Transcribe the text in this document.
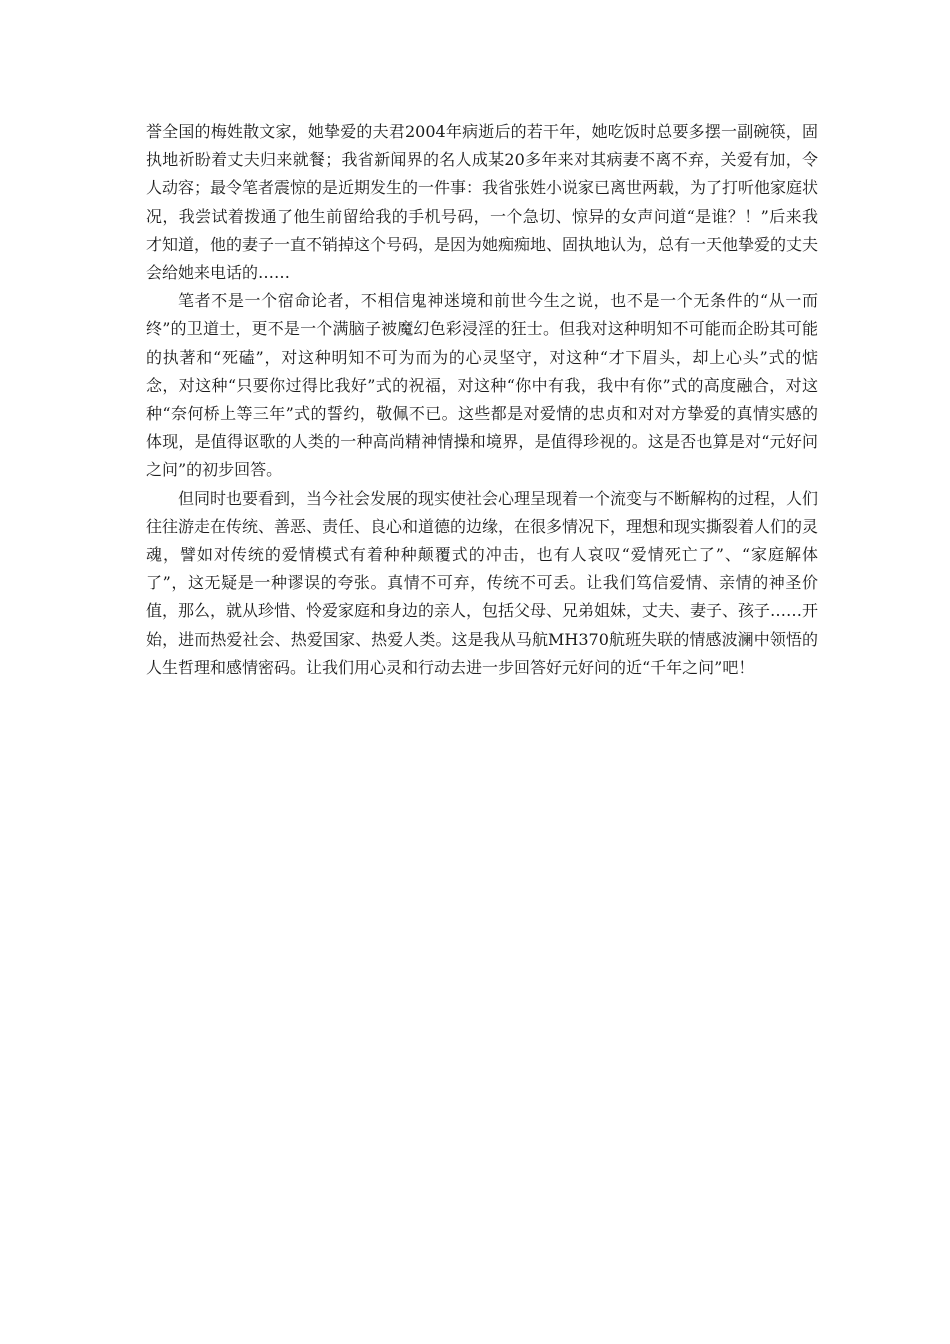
誉全国的梅姓散文家，她挚爱的夫君2004年病逝后的若干年，她吃饭时总要多摆一副碗筷，固执地祈盼着丈夫归来就餐；我省新闻界的名人成某20多年来对其病妻不离不弃，关爱有加，令人动容；最令笔者震惊的是近期发生的一件事：我省张姓小说家已离世两载，为了打听他家庭状况，我尝试着拨通了他生前留给我的手机号码，一个急切、惊异的女声问道“是谁？！”后来我才知道，他的妻子一直不销掉这个号码，是因为她痴痴地、固执地认为，总有一天他挚爱的丈夫会给她来电话的……

笔者不是一个宿命论者，不相信鬼神迷境和前世今生之说，也不是一个无条件的“从一而终”的卫道士，更不是一个满脑子被魔幻色彩浸淫的狂士。但我对这种明知不可能而企盼其可能的执著和“死磕”，对这种明知不可为而为的心灵坚守，对这种“才下眉头，却上心头”式的惦念，对这种“只要你过得比我好”式的祝福，对这种“你中有我，我中有你”式的高度融合，对这种“奈何桥上等三年”式的誓约，敬佩不已。这些都是对爱情的忠贞和对对方挚爱的真情实感的体现，是值得讴歌的人类的一种高尚精神情操和境界，是值得珍视的。这是否也算是对“元好问之问”的初步回答。

但同时也要看到，当今社会发展的现实使社会心理呈现着一个流变与不断解构的过程，人们往往游走在传统、善恶、责任、良心和道德的边缘，在很多情况下，理想和现实撕裂着人们的灵魂，譬如对传统的爱情模式有着种种颠覆式的冲击，也有人哀叹“爱情死亡了”、“家庭解体了”，这无疑是一种谬误的夸张。真情不可弃，传统不可丢。让我们笃信爱情、亲情的神圣价值，那么，就从珍惜、怜爱家庭和身边的亲人，包括父母、兄弟姐妹，丈夫、妻子、孩子……开始，进而热爱社会、热爱国家、热爱人类。这是我从马航MH370航班失联的情感波澜中领悟的人生哲理和感情密码。让我们用心灵和行动去进一步回答好元好问的近“千年之问”吧！
